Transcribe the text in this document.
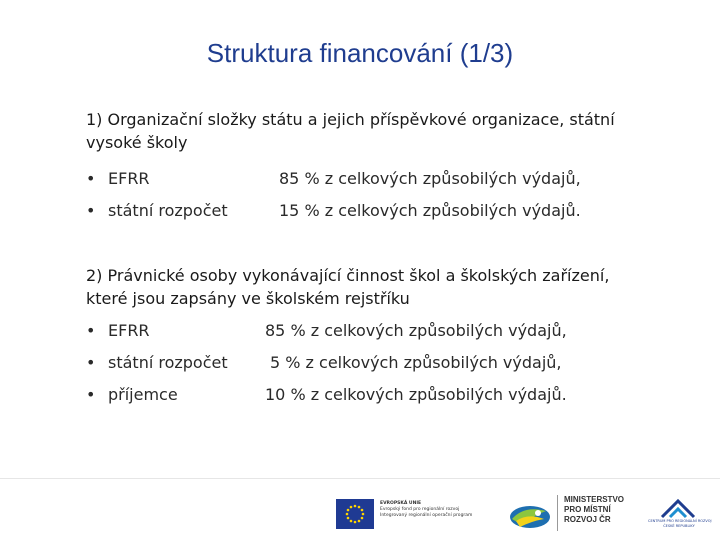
Struktura financování (1/3)
1) Organizační složky státu a jejich příspěvkové organizace, státní
vysoké školy
• EFRR	85 % z celkových způsobilých výdajů,
• státní rozpočet	15 % z celkových způsobilých výdajů.
2) Právnické osoby vykonávající činnost škol a školských zařízení,
které jsou zapsány ve školském rejstříku
• EFRR	85 % z celkových způsobilých výdajů,
• státní rozpočet	5 % z celkových způsobilých výdajů,
• příjemce	10 % z celkových způsobilých výdajů.
EVROPSKÁ UNIE
Evropský fond pro regionální rozvoj
Integrovaný regionální operační program
MINISTERSTVO
PRO MÍSTNÍ
ROZVOJ ČR	CENTRUM PRO REGIONÁLNÍ ROZVOJ
ČESKÉ REPUBLIKY
